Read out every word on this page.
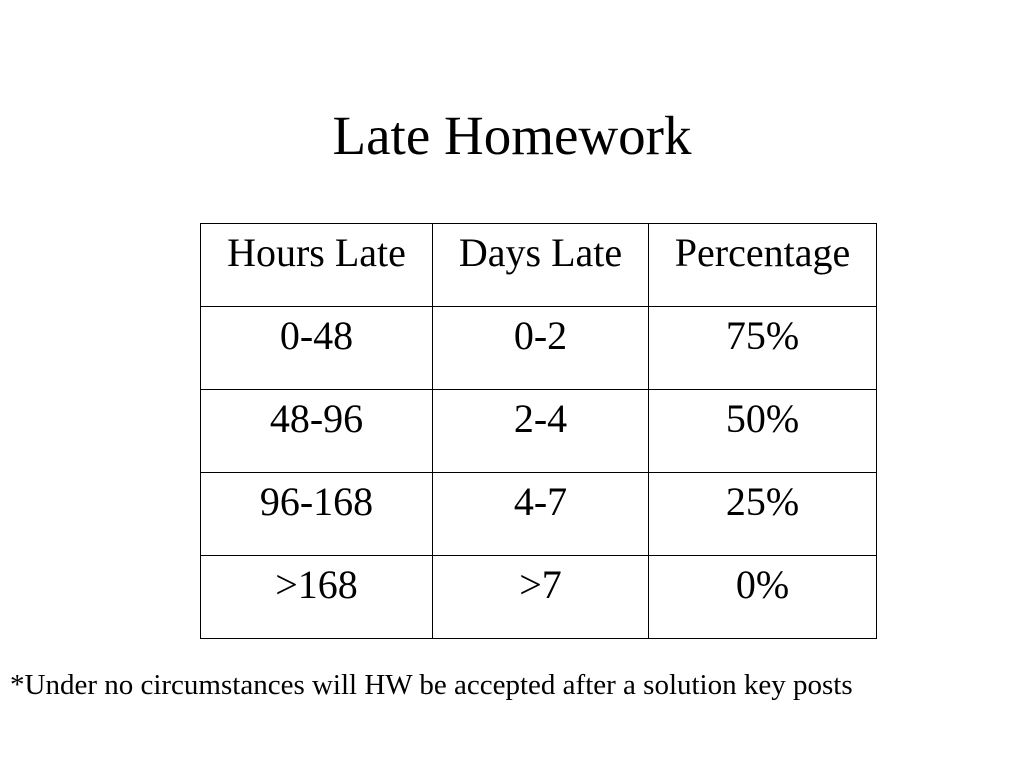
Late Homework
Hours Late	Days Late	Percentage
0-48	0-2	75%
48-96	2-4	50%
96-168	4-7	25%
>168	>7	0%
*Under no circumstances will HW be accepted after a solution key posts
